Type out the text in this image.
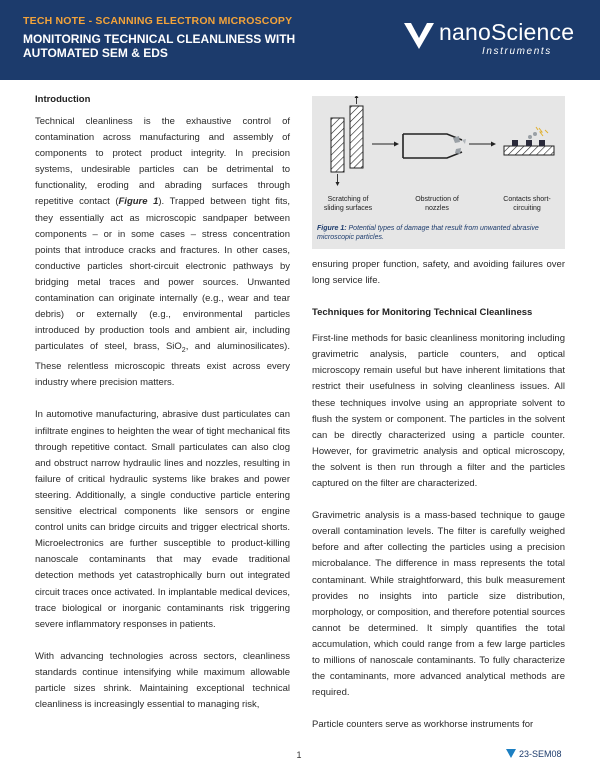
TECH NOTE - SCANNING ELECTRON MICROSCOPY
MONITORING TECHNICAL CLEANLINESS WITH AUTOMATED SEM & EDS
nanoScience
Instruments
Introduction

Technical cleanliness is the exhaustive control of contamination across manufacturing and assembly of components to protect product integrity. In precision systems, undesirable particles can be detrimental to functionality, eroding and abrading surfaces through repetitive contact (Figure 1). Trapped between tight fits, they essentially act as microscopic sandpaper between components – or in some cases – stress concentration points that introduce cracks and fractures. In other cases, conductive particles short-circuit electronic pathways by bridging metal traces and power sources. Unwanted contamination can originate internally (e.g., wear and tear debris) or externally (e.g., environmental particles introduced by production tools and ambient air, including particulates of steel, brass, SiO$_2$, and aluminosilicates). These relentless microscopic threats exist across every industry where precision matters.

In automotive manufacturing, abrasive dust particulates can infiltrate engines to heighten the wear of tight mechanical fits through repetitive contact. Small particulates can also clog and obstruct narrow hydraulic lines and nozzles, resulting in failure of critical hydraulic systems like brakes and power steering. Additionally, a single conductive particle entering sensitive electrical components like sensors or engine control units can bridge circuits and trigger electrical shorts. Microelectronics are further susceptible to product-killing nanoscale contaminants that may evade traditional detection methods yet catastrophically burn out integrated circuit traces once activated. In implantable medical devices, trace biological or inorganic contaminants risk triggering severe inflammatory responses in patients.

With advancing technologies across sectors, cleanliness standards continue intensifying while maximum allowable particle sizes shrink. Maintaining exceptional technical cleanliness is increasingly essential to managing risk,

Scratching of sliding surfaces
Obstruction of nozzles
Contacts short-circuiting
Figure 1: Potential types of damage that result from unwanted abrasive microscopic particles.

ensuring proper function, safety, and avoiding failures over long service life.

Techniques for Monitoring Technical Cleanliness

First-line methods for basic cleanliness monitoring including gravimetric analysis, particle counters, and optical microscopy remain useful but have inherent limitations that restrict their usefulness in solving cleanliness issues. All these techniques involve using an appropriate solvent to flush the system or component. The particles in the solvent can be directly characterized using a particle counter. However, for gravimetric analysis and optical microscopy, the solvent is then run through a filter and the particles captured on the filter are characterized.

Gravimetric analysis is a mass-based technique to gauge overall contamination levels. The filter is carefully weighed before and after collecting the particles using a precision microbalance. The difference in mass represents the total contaminant. While straightforward, this bulk measurement provides no insights into particle size distribution, morphology, or composition, and therefore potential sources cannot be determined. It simply quantifies the total accumulation, which could range from a few large particles to millions of nanoscale contaminants. To fully characterize the contaminants, more advanced analytical methods are required.

Particle counters serve as workhorse instruments for

1	23-SEM08
